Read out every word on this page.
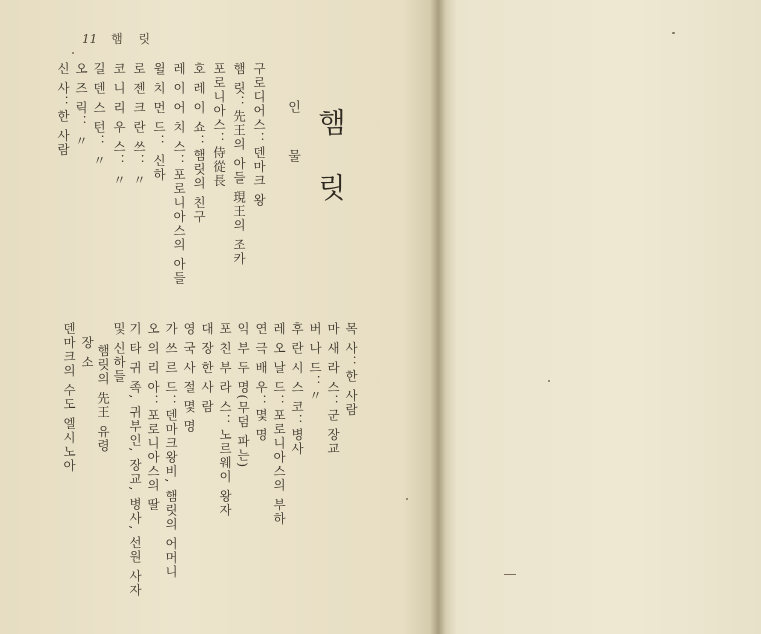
11 햄 릿
햄 릿
인 물
구로디어스：덴마크 왕
햄 릿：先王의 아들 現王의 조카
포로니아스：侍從長
호 레 이 쇼：햄릿의 친구
레 이 어 치 스：포로니아스의 아들
윌 치 먼 드： 신하
로 젠 크 란 쓰： 〃
코 니 리 우 스： 〃
길 덴 스 턴： 〃
오 즈 릭： 〃
신 사：한 사람
목 사：한 사람
마 새 라 스：군 장교
버 나 드：〃
후 란 시 스 코：병사
레 오 날 드：포로니아스의 부하
연 극 배 우：몇 명
익 부 두 명(무덤 파는)
포 친 부 라 스：노르웨이 왕자
대 장 한 사 람
영 국 사 절 몇 명
가 쓰 르 드：덴마크왕비, 햄릿의 어머니
오 의 리 아：포로니아스의 딸
기 타 귀 족, 귀부인, 장교, 병사, 선원 사자
및 신하들
햄릿의 先王 유령
장 소
덴마크의 수도 엘시노아
